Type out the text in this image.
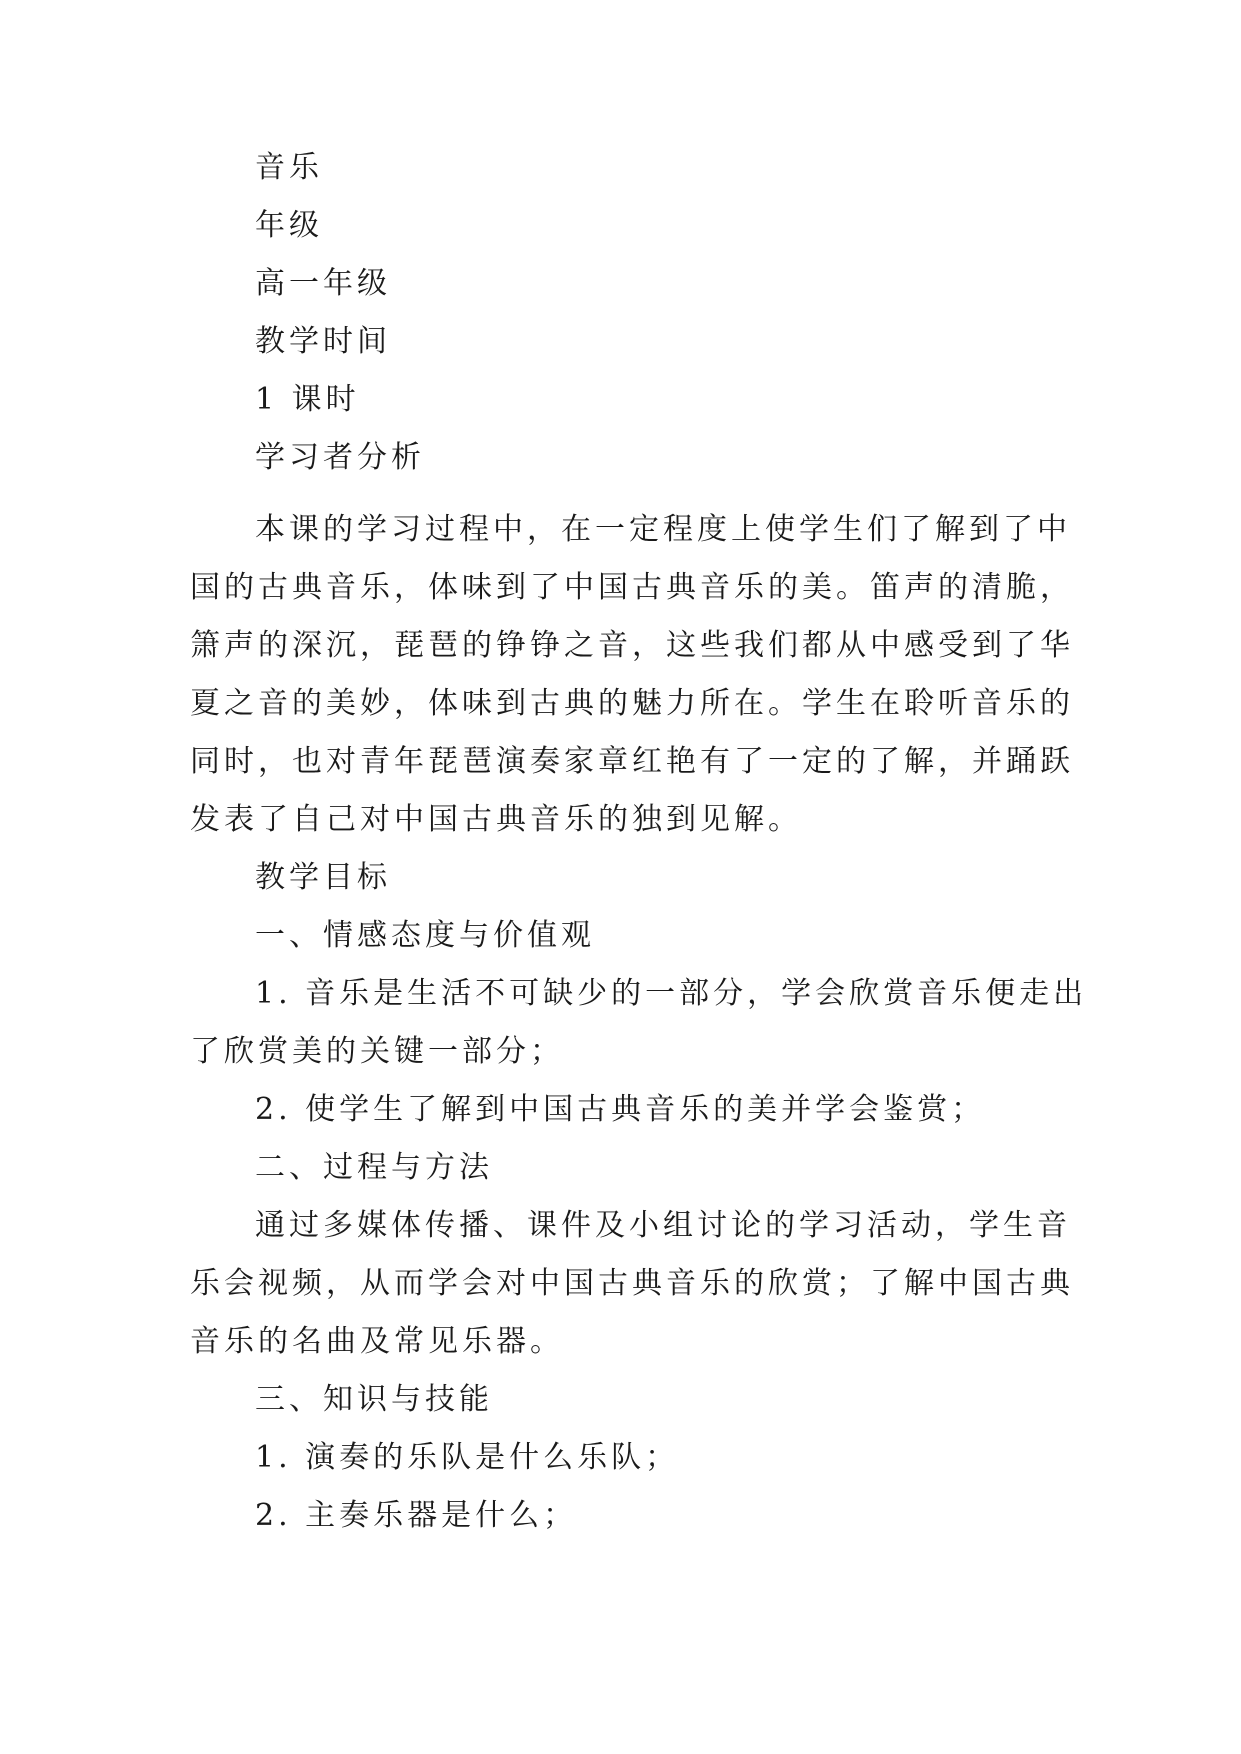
音乐
年级
高一年级
教学时间
1 课时
学习者分析
本课的学习过程中，在一定程度上使学生们了解到了中
国的古典音乐，体味到了中国古典音乐的美。笛声的清脆，
箫声的深沉，琵琶的铮铮之音，这些我们都从中感受到了华
夏之音的美妙，体味到古典的魅力所在。学生在聆听音乐的
同时，也对青年琵琶演奏家章红艳有了一定的了解，并踊跃
发表了自己对中国古典音乐的独到见解。
教学目标
一、情感态度与价值观
1. 音乐是生活不可缺少的一部分，学会欣赏音乐便走出
了欣赏美的关键一部分；
2. 使学生了解到中国古典音乐的美并学会鉴赏；
二、过程与方法
通过多媒体传播、课件及小组讨论的学习活动，学生音
乐会视频，从而学会对中国古典音乐的欣赏；了解中国古典
音乐的名曲及常见乐器。
三、知识与技能
1. 演奏的乐队是什么乐队；
2. 主奏乐器是什么；
